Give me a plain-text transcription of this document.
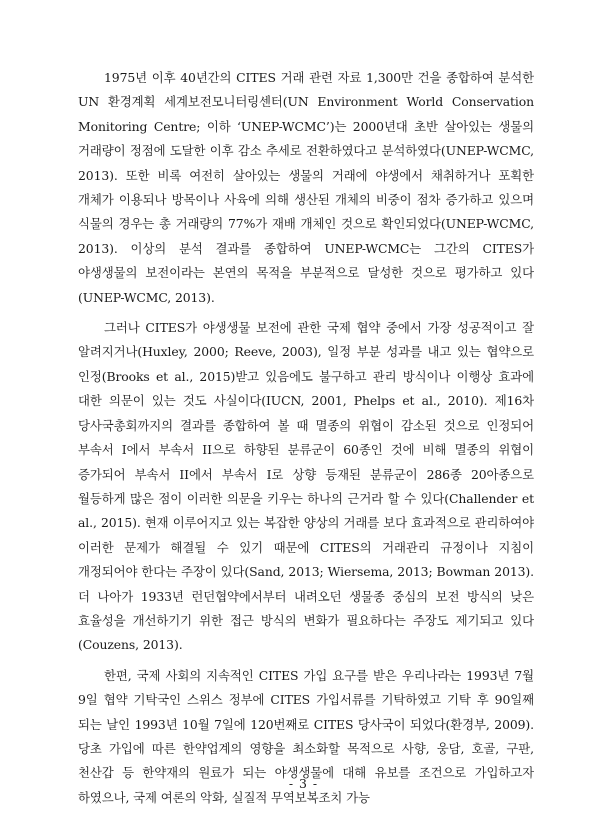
1975년 이후 40년간의 CITES 거래 관련 자료 1,300만 건을 종합하여 분석한 UN 환경계획 세계보전모니터링센터(UN Environment World Conservation Monitoring Centre; 이하 ‘UNEP-WCMC’)는 2000년대 초반 살아있는 생물의 거래량이 정점에 도달한 이후 감소 추세로 전환하였다고 분석하였다(UNEP-WCMC, 2013). 또한 비록 여전히 살아있는 생물의 거래에 야생에서 채취하거나 포획한 개체가 이용되나 방목이나 사육에 의해 생산된 개체의 비중이 점차 증가하고 있으며 식물의 경우는 총 거래량의 77%가 재배 개체인 것으로 확인되었다(UNEP-WCMC, 2013). 이상의 분석 결과를 종합하여 UNEP-WCMC는 그간의 CITES가 야생생물의 보전이라는 본연의 목적을 부분적으로 달성한 것으로 평가하고 있다(UNEP-WCMC, 2013).

그러나 CITES가 야생생물 보전에 관한 국제 협약 중에서 가장 성공적이고 잘 알려지거나(Huxley, 2000; Reeve, 2003), 일정 부분 성과를 내고 있는 협약으로 인정(Brooks et al., 2015)받고 있음에도 불구하고 관리 방식이나 이행상 효과에 대한 의문이 있는 것도 사실이다(IUCN, 2001, Phelps et al., 2010). 제16차 당사국총회까지의 결과를 종합하여 볼 때 멸종의 위협이 감소된 것으로 인정되어 부속서 I에서 부속서 II으로 하향된 분류군이 60종인 것에 비해 멸종의 위협이 증가되어 부속서 II에서 부속서 I로 상향 등재된 분류군이 286종 20아종으로 월등하게 많은 점이 이러한 의문을 키우는 하나의 근거라 할 수 있다(Challender et al., 2015). 현재 이루어지고 있는 복잡한 양상의 거래를 보다 효과적으로 관리하여야 이러한 문제가 해결될 수 있기 때문에 CITES의 거래관리 규정이나 지침이 개정되어야 한다는 주장이 있다(Sand, 2013; Wiersema, 2013; Bowman 2013). 더 나아가 1933년 런던협약에서부터 내려오던 생물종 중심의 보전 방식의 낮은 효율성을 개선하기기 위한 접근 방식의 변화가 필요하다는 주장도 제기되고 있다(Couzens, 2013).

한편, 국제 사회의 지속적인 CITES 가입 요구를 받은 우리나라는 1993년 7월 9일 협약 기탁국인 스위스 정부에 CITES 가입서류를 기탁하였고 기탁 후 90일째 되는 날인 1993년 10월 7일에 120번째로 CITES 당사국이 되었다(환경부, 2009). 당초 가입에 따른 한약업계의 영향을 최소화할 목적으로 사향, 웅담, 호골, 구판, 천산갑 등 한약재의 원료가 되는 야생생물에 대해 유보를 조건으로 가입하고자 하였으나, 국제 여론의 악화, 실질적 무역보복조치 가능

- 3 -
